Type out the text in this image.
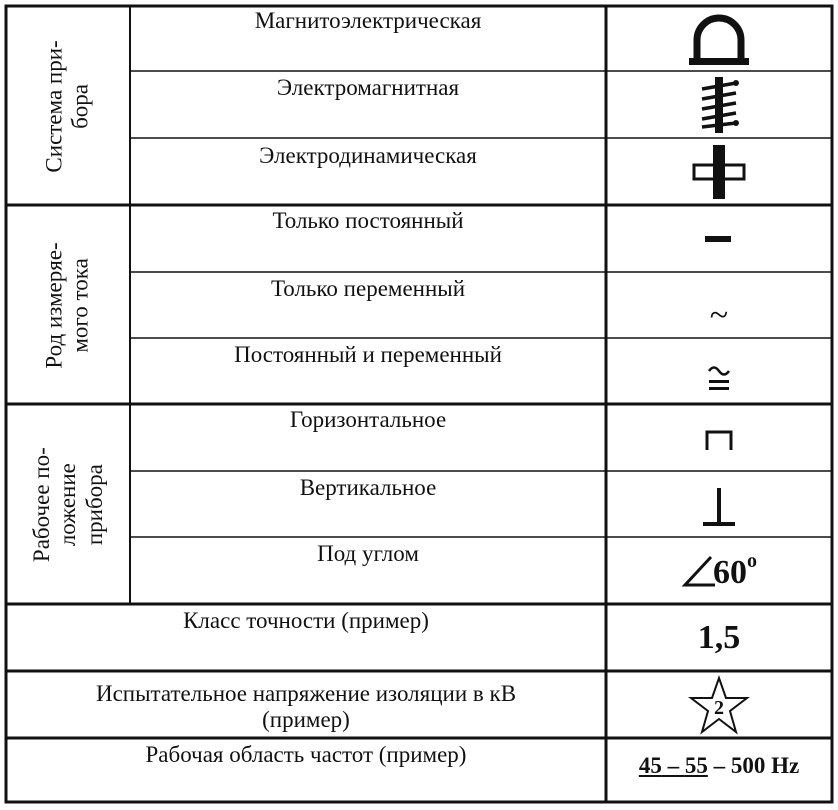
Система при- бора
Род измеряе- мого тока
Рабочее по- ложение прибора
Магнитоэлектрическая
Электромагнитная
Электродинамическая
Только постоянный
Только переменный
Постоянный и переменный
Горизонтальное
Вертикальное
Под углом
Класс точности (пример)
Испытательное напряжение изоляции в кВ
(пример)
Рабочая область частот (пример)
~
60 o
1,5
2
45 – 55 – 500 Hz
